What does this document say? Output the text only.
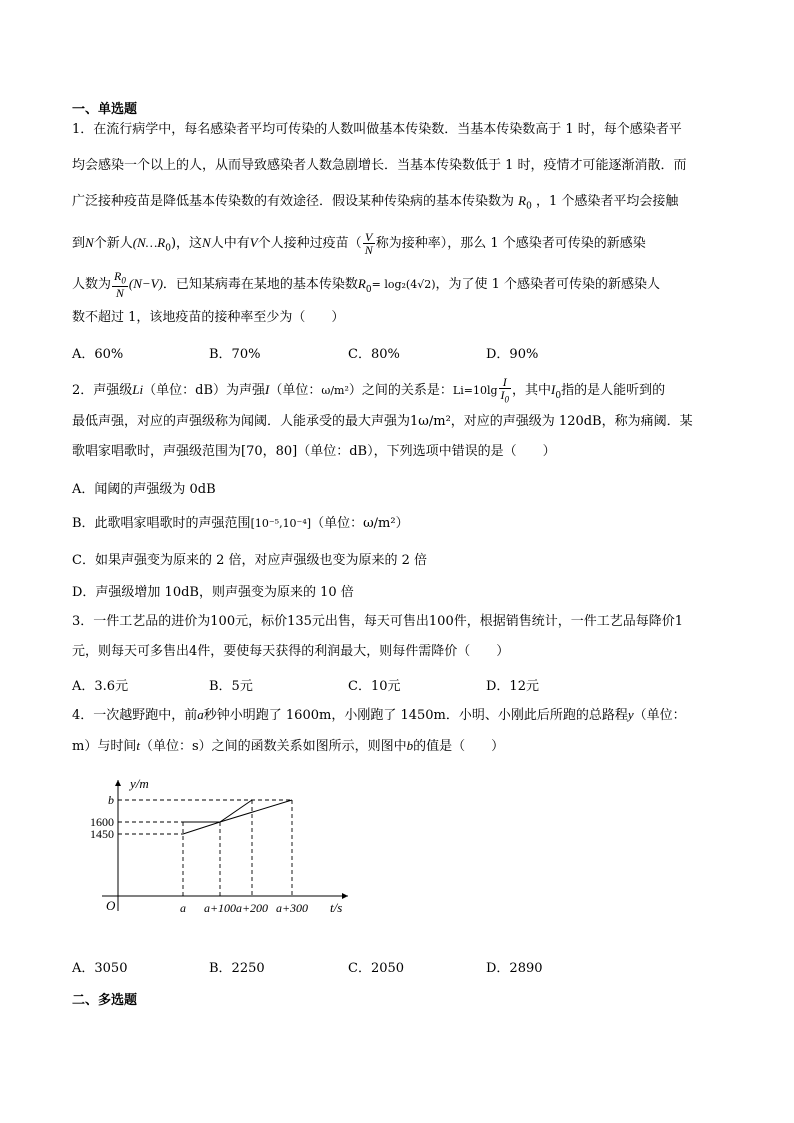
一、单选题
1．在流行病学中，每名感染者平均可传染的人数叫做基本传染数．当基本传染数高于 1 时，每个感染者平
均会感染一个以上的人，从而导致感染者人数急剧增长．当基本传染数低于 1 时，疫情才可能逐渐消散．而
广泛接种疫苗是降低基本传染数的有效途径．假设某种传染病的基本传染数为 $R_0$ ，1 个感染者平均会接触
到N个新人$(N\dots R_0)$，这N人中有V个人接种过疫苗（ $\frac{V}{N}$ 称为接种率），那么 1 个感染者可传染的新感染
人数为 $\frac{R_0}{N} (N-V)$．已知某病毒在某地的基本传染数$R_0= \log_2(4√2)$，为了使 1 个感染者可传染的新感染人
数不超过 1，该地疫苗的接种率至少为（　　）
A．60%	B．70%	C．80%	D．90%
2．声强级Li（单位：dB）为声强I（单位：ω/m²）之间的关系是：$Li=10\lg \frac{I}{I_0}$ ，其中$I_0$指的是人能听到的
最低声强，对应的声强级称为闻阈．人能承受的最大声强为1ω/m²，对应的声强级为 120dB，称为痛阈．某
歌唱家唱歌时，声强级范围为[70，80]（单位：dB），下列选项中错误的是（　　）
A．闻阈的声强级为 0dB
B．此歌唱家唱歌时的声强范围[10⁻⁵,10⁻⁴]（单位：ω/m²）
C．如果声强变为原来的 2 倍，对应声强级也变为原来的 2 倍
D．声强级增加 10dB，则声强变为原来的 10 倍
3．一件工艺品的进价为100元，标价135元出售，每天可售出100件，根据销售统计，一件工艺品每降价1
元，则每天可多售出4件，要使每天获得的利润最大，则每件需降价（　　）
A．3.6元	B．5元	C．10元	D．12元
4．一次越野跑中，前a秒钟小明跑了 1600m，小刚跑了 1450m．小明、小刚此后所跑的总路程y（单位：
m）与时间t（单位：s）之间的函数关系如图所示，则图中b的值是（　　）
y/m
t/s
O
1450
1600
b
a a+100 a+200 a+300
A．3050	B．2250	C．2050	D．2890
二、多选题
